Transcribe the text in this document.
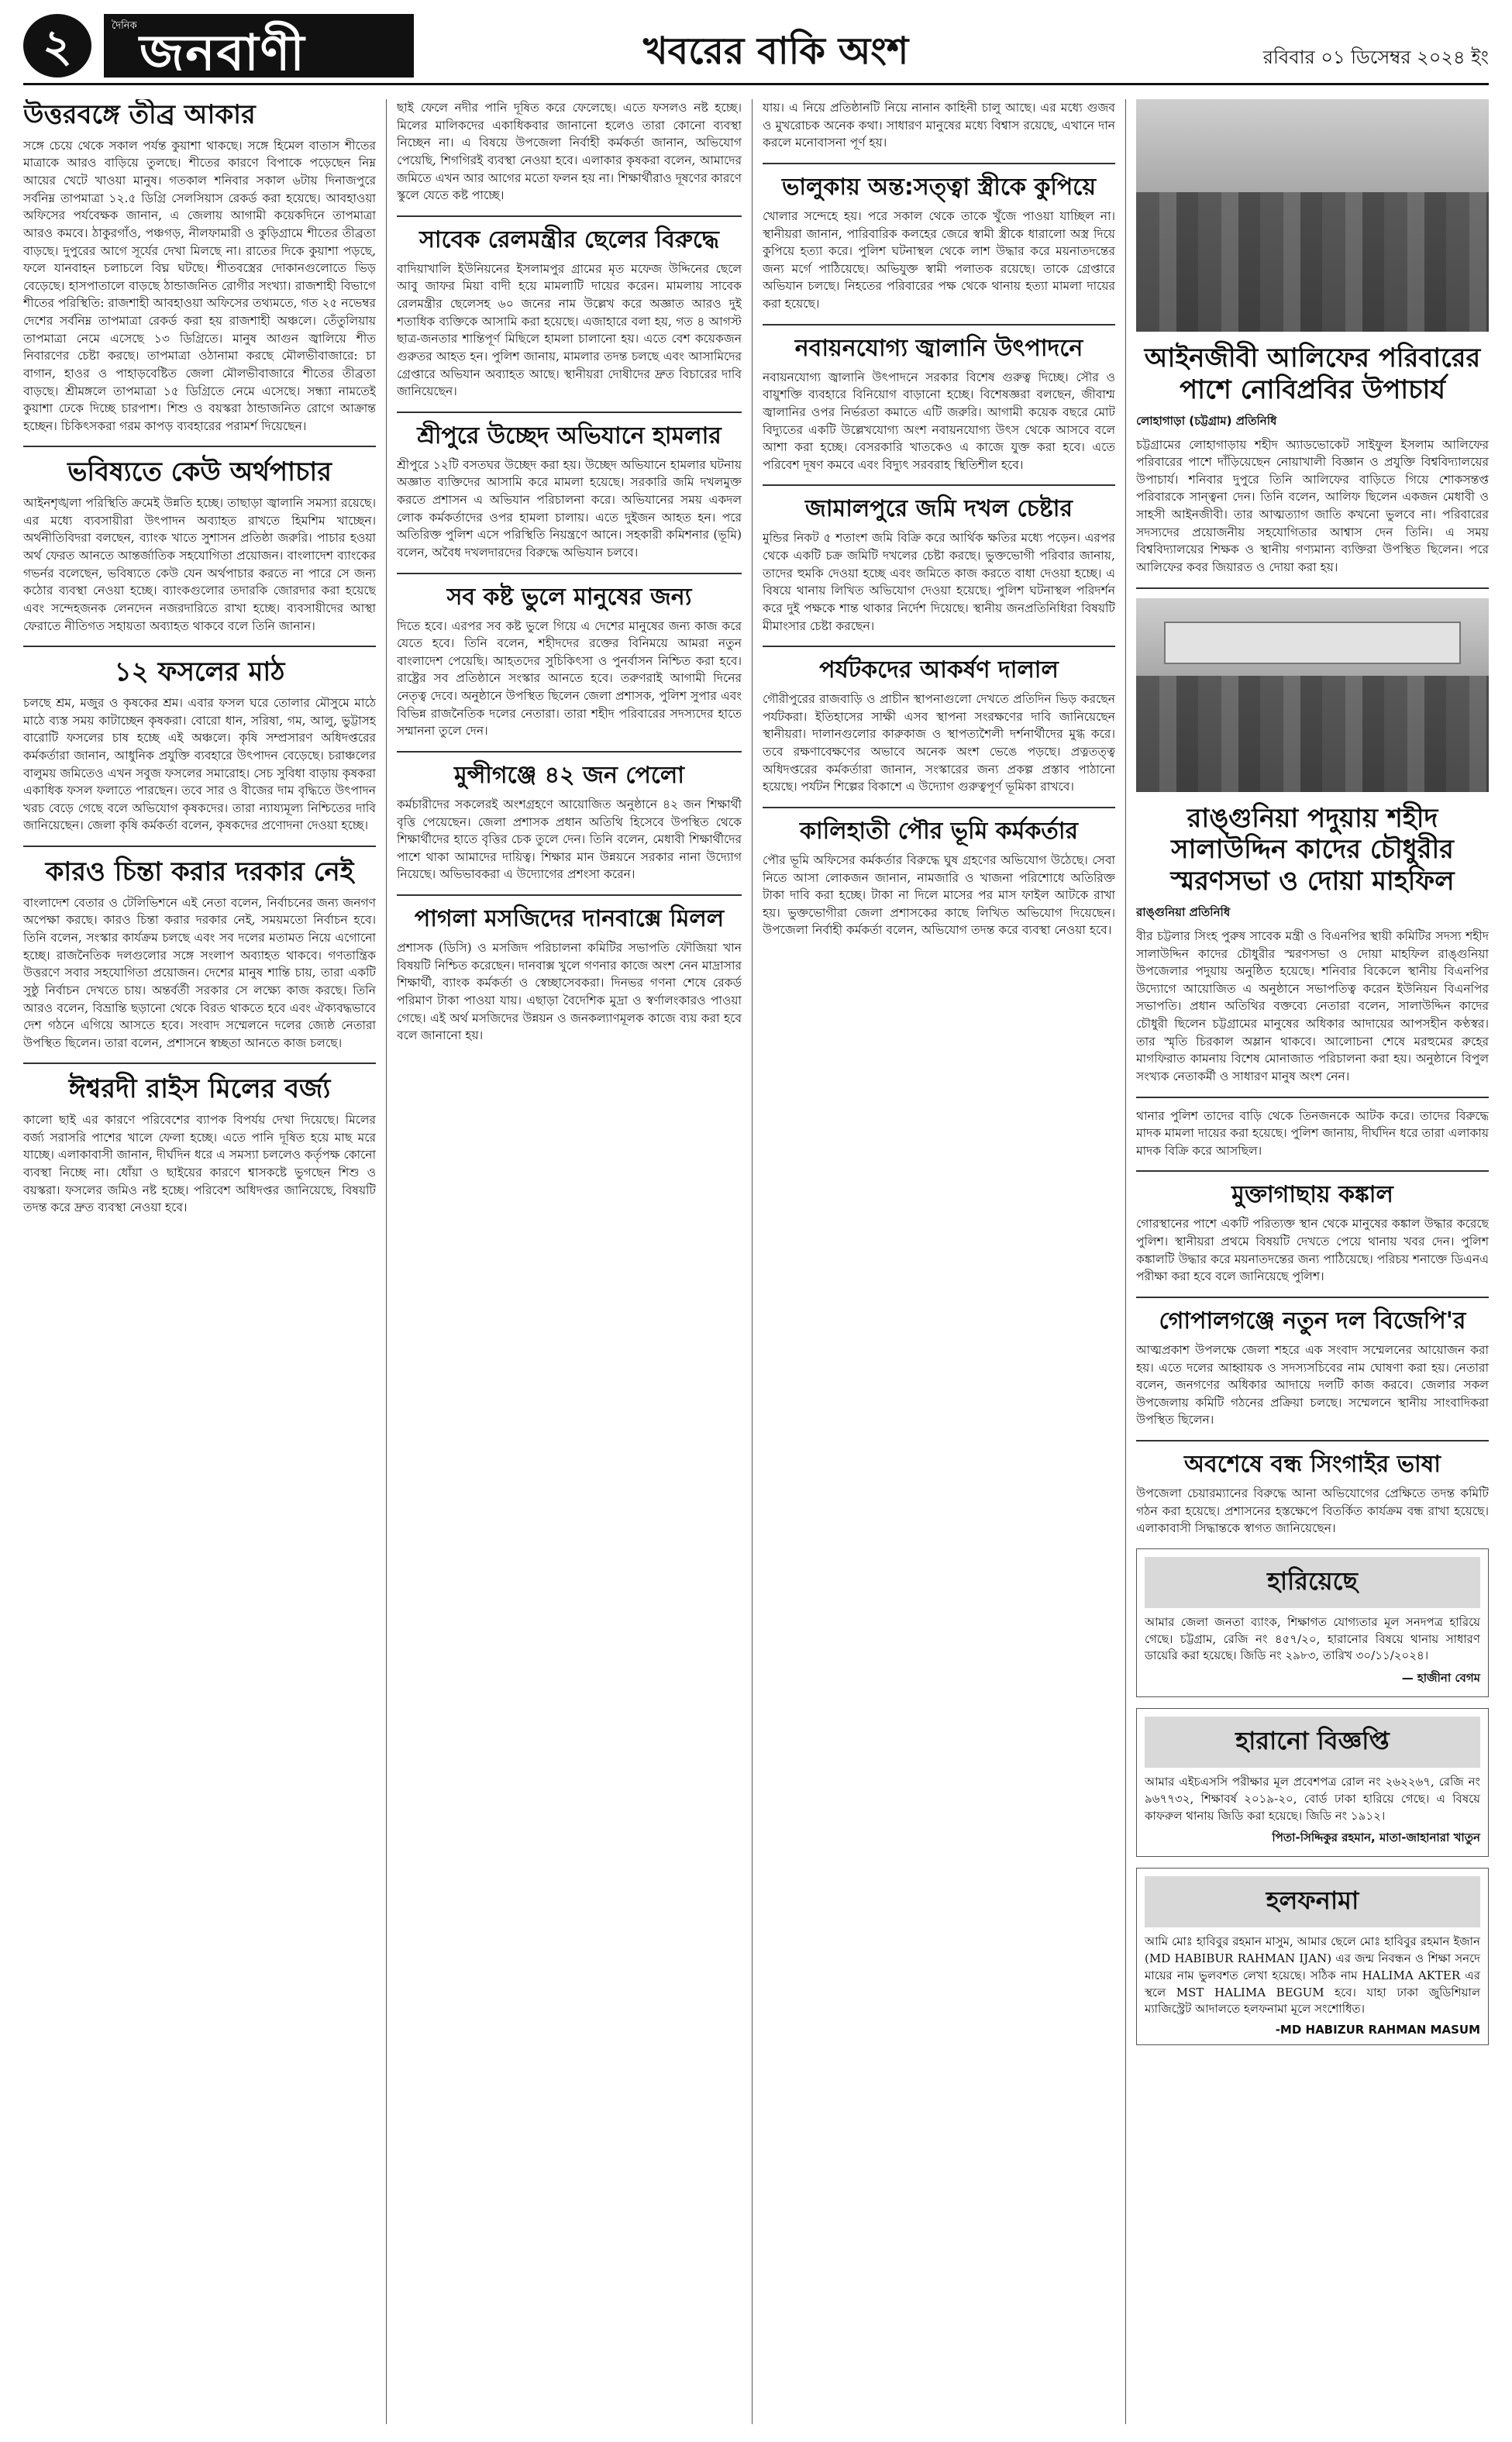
২	দৈনিক জনবাণী	খবরের বাকি অংশ	রবিবার ০১ ডিসেম্বর ২০২৪ ইং
উত্তরবঙ্গে তীব্র আকার

সঙ্গে চেয়ে থেকে সকাল পর্যন্ত কুয়াশা থাকছে। সঙ্গে হিমেল বাতাস শীতের মাত্রাকে আরও বাড়িয়ে তুলছে। শীতের কারণে বিপাকে পড়েছেন নিম্ন আয়ের খেটে খাওয়া মানুষ। গতকাল শনিবার সকাল ৬টায় দিনাজপুরে সর্বনিম্ন তাপমাত্রা ১২.৫ ডিগ্রি সেলসিয়াস রেকর্ড করা হয়েছে। আবহাওয়া অফিসের পর্যবেক্ষক জানান, এ জেলায় আগামী কয়েকদিনে তাপমাত্রা আরও কমবে। ঠাকুরগাঁও, পঞ্চগড়, নীলফামারী ও কুড়িগ্রামে শীতের তীব্রতা বাড়ছে। দুপুরের আগে সূর্যের দেখা মিলছে না। রাতের দিকে কুয়াশা পড়ছে, ফলে যানবাহন চলাচলে বিঘ্ন ঘটছে। শীতবস্ত্রের দোকানগুলোতে ভিড় বেড়েছে। হাসপাতালে বাড়ছে ঠান্ডাজনিত রোগীর সংখ্যা। রাজশাহী বিভাগে শীতের পরিস্থিতি: রাজশাহী আবহাওয়া অফিসের তথ্যমতে, গত ২৫ নভেম্বর দেশের সর্বনিম্ন তাপমাত্রা রেকর্ড করা হয় রাজশাহী অঞ্চলে। তেঁতুলিয়ায় তাপমাত্রা নেমে এসেছে ১৩ ডিগ্রিতে। মানুষ আগুন জ্বালিয়ে শীত নিবারণের চেষ্টা করছে। তাপমাত্রা ওঠানামা করছে মৌলভীবাজারে: চা বাগান, হাওর ও পাহাড়বেষ্টিত জেলা মৌলভীবাজারে শীতের তীব্রতা বাড়ছে। শ্রীমঙ্গলে তাপমাত্রা ১৫ ডিগ্রিতে নেমে এসেছে। সন্ধ্যা নামতেই কুয়াশা ঢেকে দিচ্ছে চারপাশ। শিশু ও বয়স্করা ঠান্ডাজনিত রোগে আক্রান্ত হচ্ছেন। চিকিৎসকরা গরম কাপড় ব্যবহারের পরামর্শ দিয়েছেন।

ভবিষ্যতে কেউ অর্থপাচার

আইনশৃঙ্খলা পরিস্থিতি ক্রমেই উন্নতি হচ্ছে। তাছাড়া জ্বালানি সমস্যা রয়েছে। এর মধ্যে ব্যবসায়ীরা উৎপাদন অব্যাহত রাখতে হিমশিম খাচ্ছেন। অর্থনীতিবিদরা বলছেন, ব্যাংক খাতে সুশাসন প্রতিষ্ঠা জরুরি। পাচার হওয়া অর্থ ফেরত আনতে আন্তর্জাতিক সহযোগিতা প্রয়োজন। বাংলাদেশ ব্যাংকের গভর্নর বলেছেন, ভবিষ্যতে কেউ যেন অর্থপাচার করতে না পারে সে জন্য কঠোর ব্যবস্থা নেওয়া হচ্ছে। ব্যাংকগুলোর তদারকি জোরদার করা হয়েছে এবং সন্দেহজনক লেনদেন নজরদারিতে রাখা হচ্ছে। ব্যবসায়ীদের আস্থা ফেরাতে নীতিগত সহায়তা অব্যাহত থাকবে বলে তিনি জানান।

১২ ফসলের মাঠ

চলছে শ্রম, মজুর ও কৃষকের শ্রম। এবার ফসল ঘরে তোলার মৌসুমে মাঠে মাঠে ব্যস্ত সময় কাটাচ্ছেন কৃষকরা। বোরো ধান, সরিষা, গম, আলু, ভুট্টাসহ বারোটি ফসলের চাষ হচ্ছে এই অঞ্চলে। কৃষি সম্প্রসারণ অধিদপ্তরের কর্মকর্তারা জানান, আধুনিক প্রযুক্তি ব্যবহারে উৎপাদন বেড়েছে। চরাঞ্চলের বালুময় জমিতেও এখন সবুজ ফসলের সমারোহ। সেচ সুবিধা বাড়ায় কৃষকরা একাধিক ফসল ফলাতে পারছেন। তবে সার ও বীজের দাম বৃদ্ধিতে উৎপাদন খরচ বেড়ে গেছে বলে অভিযোগ কৃষকদের। তারা ন্যায্যমূল্য নিশ্চিতের দাবি জানিয়েছেন। জেলা কৃষি কর্মকর্তা বলেন, কৃষকদের প্রণোদনা দেওয়া হচ্ছে।

কারও চিন্তা করার দরকার নেই

বাংলাদেশ বেতার ও টেলিভিশনে এই নেতা বলেন, নির্বাচনের জন্য জনগণ অপেক্ষা করছে। কারও চিন্তা করার দরকার নেই, সময়মতো নির্বাচন হবে। তিনি বলেন, সংস্কার কার্যক্রম চলছে এবং সব দলের মতামত নিয়ে এগোনো হচ্ছে। রাজনৈতিক দলগুলোর সঙ্গে সংলাপ অব্যাহত থাকবে। গণতান্ত্রিক উত্তরণে সবার সহযোগিতা প্রয়োজন। দেশের মানুষ শান্তি চায়, তারা একটি সুষ্ঠু নির্বাচন দেখতে চায়। অন্তর্বর্তী সরকার সে লক্ষ্যে কাজ করছে। তিনি আরও বলেন, বিভ্রান্তি ছড়ানো থেকে বিরত থাকতে হবে এবং ঐক্যবদ্ধভাবে দেশ গঠনে এগিয়ে আসতে হবে। সংবাদ সম্মেলনে দলের জ্যেষ্ঠ নেতারা উপস্থিত ছিলেন। তারা বলেন, প্রশাসনে স্বচ্ছতা আনতে কাজ চলছে।

ঈশ্বরদী রাইস মিলের বর্জ্য

কালো ছাই এর কারণে পরিবেশের ব্যাপক বিপর্যয় দেখা দিয়েছে। মিলের বর্জ্য সরাসরি পাশের খালে ফেলা হচ্ছে। এতে পানি দূষিত হয়ে মাছ মরে যাচ্ছে। এলাকাবাসী জানান, দীর্ঘদিন ধরে এ সমস্যা চললেও কর্তৃপক্ষ কোনো ব্যবস্থা নিচ্ছে না। ধোঁয়া ও ছাইয়ের কারণে শ্বাসকষ্টে ভুগছেন শিশু ও বয়স্করা। ফসলের জমিও নষ্ট হচ্ছে। পরিবেশ অধিদপ্তর জানিয়েছে, বিষয়টি তদন্ত করে দ্রুত ব্যবস্থা নেওয়া হবে।

ছাই ফেলে নদীর পানি দূষিত করে ফেলেছে। এতে ফসলও নষ্ট হচ্ছে। মিলের মালিকদের একাধিকবার জানানো হলেও তারা কোনো ব্যবস্থা নিচ্ছেন না। এ বিষয়ে উপজেলা নির্বাহী কর্মকর্তা জানান, অভিযোগ পেয়েছি, শিগগিরই ব্যবস্থা নেওয়া হবে। এলাকার কৃষকরা বলেন, আমাদের জমিতে এখন আর আগের মতো ফলন হয় না। শিক্ষার্থীরাও দূষণের কারণে স্কুলে যেতে কষ্ট পাচ্ছে।

সাবেক রেলমন্ত্রীর ছেলের বিরুদ্ধে

বাদিয়াখালি ইউনিয়নের ইসলামপুর গ্রামের মৃত মফেজ উদ্দিনের ছেলে আবু জাফর মিয়া বাদী হয়ে মামলাটি দায়ের করেন। মামলায় সাবেক রেলমন্ত্রীর ছেলেসহ ৬০ জনের নাম উল্লেখ করে অজ্ঞাত আরও দুই শতাধিক ব্যক্তিকে আসামি করা হয়েছে। এজাহারে বলা হয়, গত ৪ আগস্ট ছাত্র-জনতার শান্তিপূর্ণ মিছিলে হামলা চালানো হয়। এতে বেশ কয়েকজন গুরুতর আহত হন। পুলিশ জানায়, মামলার তদন্ত চলছে এবং আসামিদের গ্রেপ্তারে অভিযান অব্যাহত আছে। স্থানীয়রা দোষীদের দ্রুত বিচারের দাবি জানিয়েছেন।

শ্রীপুরে উচ্ছেদ অভিযানে হামলার

শ্রীপুরে ১২টি বসতঘর উচ্ছেদ করা হয়। উচ্ছেদ অভিযানে হামলার ঘটনায় অজ্ঞাত ব্যক্তিদের আসামি করে মামলা হয়েছে। সরকারি জমি দখলমুক্ত করতে প্রশাসন এ অভিযান পরিচালনা করে। অভিযানের সময় একদল লোক কর্মকর্তাদের ওপর হামলা চালায়। এতে দুইজন আহত হন। পরে অতিরিক্ত পুলিশ এসে পরিস্থিতি নিয়ন্ত্রণে আনে। সহকারী কমিশনার (ভূমি) বলেন, অবৈধ দখলদারদের বিরুদ্ধে অভিযান চলবে।

সব কষ্ট ভুলে মানুষের জন্য

দিতে হবে। এরপর সব কষ্ট ভুলে গিয়ে এ দেশের মানুষের জন্য কাজ করে যেতে হবে। তিনি বলেন, শহীদদের রক্তের বিনিময়ে আমরা নতুন বাংলাদেশ পেয়েছি। আহতদের সুচিকিৎসা ও পুনর্বাসন নিশ্চিত করা হবে। রাষ্ট্রের সব প্রতিষ্ঠানে সংস্কার আনতে হবে। তরুণরাই আগামী দিনের নেতৃত্ব দেবে। অনুষ্ঠানে উপস্থিত ছিলেন জেলা প্রশাসক, পুলিশ সুপার এবং বিভিন্ন রাজনৈতিক দলের নেতারা। তারা শহীদ পরিবারের সদস্যদের হাতে সম্মাননা তুলে দেন।

মুন্সীগঞ্জে ৪২ জন পেলো

কর্মচারীদের সকলেরই অংশগ্রহণে আয়োজিত অনুষ্ঠানে ৪২ জন শিক্ষার্থী বৃত্তি পেয়েছেন। জেলা প্রশাসক প্রধান অতিথি হিসেবে উপস্থিত থেকে শিক্ষার্থীদের হাতে বৃত্তির চেক তুলে দেন। তিনি বলেন, মেধাবী শিক্ষার্থীদের পাশে থাকা আমাদের দায়িত্ব। শিক্ষার মান উন্নয়নে সরকার নানা উদ্যোগ নিয়েছে। অভিভাবকরা এ উদ্যোগের প্রশংসা করেন।

পাগলা মসজিদের দানবাক্সে মিলল

প্রশাসক (ডিসি) ও মসজিদ পরিচালনা কমিটির সভাপতি ফৌজিয়া খান বিষয়টি নিশ্চিত করেছেন। দানবাক্স খুলে গণনার কাজে অংশ নেন মাদ্রাসার শিক্ষার্থী, ব্যাংক কর্মকর্তা ও স্বেচ্ছাসেবকরা। দিনভর গণনা শেষে রেকর্ড পরিমাণ টাকা পাওয়া যায়। এছাড়া বৈদেশিক মুদ্রা ও স্বর্ণালংকারও পাওয়া গেছে। এই অর্থ মসজিদের উন্নয়ন ও জনকল্যাণমূলক কাজে ব্যয় করা হবে বলে জানানো হয়।

যায়। এ নিয়ে প্রতিষ্ঠানটি নিয়ে নানান কাহিনী চালু আছে। এর মধ্যে গুজব ও মুখরোচক অনেক কথা। সাধারণ মানুষের মধ্যে বিশ্বাস রয়েছে, এখানে দান করলে মনোবাসনা পূর্ণ হয়।

ভালুকায় অন্ত:সত্ত্বা স্ত্রীকে কুপিয়ে

খোলার সন্দেহে হয়। পরে সকাল থেকে তাকে খুঁজে পাওয়া যাচ্ছিল না। স্থানীয়রা জানান, পারিবারিক কলহের জেরে স্বামী স্ত্রীকে ধারালো অস্ত্র দিয়ে কুপিয়ে হত্যা করে। পুলিশ ঘটনাস্থল থেকে লাশ উদ্ধার করে ময়নাতদন্তের জন্য মর্গে পাঠিয়েছে। অভিযুক্ত স্বামী পলাতক রয়েছে। তাকে গ্রেপ্তারে অভিযান চলছে। নিহতের পরিবারের পক্ষ থেকে থানায় হত্যা মামলা দায়ের করা হয়েছে।

নবায়নযোগ্য জ্বালানি উৎপাদনে

নবায়নযোগ্য জ্বালানি উৎপাদনে সরকার বিশেষ গুরুত্ব দিচ্ছে। সৌর ও বায়ুশক্তি ব্যবহারে বিনিয়োগ বাড়ানো হচ্ছে। বিশেষজ্ঞরা বলছেন, জীবাশ্ম জ্বালানির ওপর নির্ভরতা কমাতে এটি জরুরি। আগামী কয়েক বছরে মোট বিদ্যুতের একটি উল্লেখযোগ্য অংশ নবায়নযোগ্য উৎস থেকে আসবে বলে আশা করা হচ্ছে। বেসরকারি খাতকেও এ কাজে যুক্ত করা হবে। এতে পরিবেশ দূষণ কমবে এবং বিদ্যুৎ সরবরাহ স্থিতিশীল হবে।

জামালপুরে জমি দখল চেষ্টার

মুন্ডির নিকট ৫ শতাংশ জমি বিক্রি করে আর্থিক ক্ষতির মধ্যে পড়েন। এরপর থেকে একটি চক্র জমিটি দখলের চেষ্টা করছে। ভুক্তভোগী পরিবার জানায়, তাদের হুমকি দেওয়া হচ্ছে এবং জমিতে কাজ করতে বাধা দেওয়া হচ্ছে। এ বিষয়ে থানায় লিখিত অভিযোগ দেওয়া হয়েছে। পুলিশ ঘটনাস্থল পরিদর্শন করে দুই পক্ষকে শান্ত থাকার নির্দেশ দিয়েছে। স্থানীয় জনপ্রতিনিধিরা বিষয়টি মীমাংসার চেষ্টা করছেন।

পর্যটকদের আকর্ষণ দালাল

গৌরীপুরের রাজবাড়ি ও প্রাচীন স্থাপনাগুলো দেখতে প্রতিদিন ভিড় করছেন পর্যটকরা। ইতিহাসের সাক্ষী এসব স্থাপনা সংরক্ষণের দাবি জানিয়েছেন স্থানীয়রা। দালানগুলোর কারুকাজ ও স্থাপত্যশৈলী দর্শনার্থীদের মুগ্ধ করে। তবে রক্ষণাবেক্ষণের অভাবে অনেক অংশ ভেঙে পড়ছে। প্রত্নতত্ত্ব অধিদপ্তরের কর্মকর্তারা জানান, সংস্কারের জন্য প্রকল্প প্রস্তাব পাঠানো হয়েছে। পর্যটন শিল্পের বিকাশে এ উদ্যোগ গুরুত্বপূর্ণ ভূমিকা রাখবে।

কালিহাতী পৌর ভূমি কর্মকর্তার

পৌর ভূমি অফিসের কর্মকর্তার বিরুদ্ধে ঘুষ গ্রহণের অভিযোগ উঠেছে। সেবা নিতে আসা লোকজন জানান, নামজারি ও খাজনা পরিশোধে অতিরিক্ত টাকা দাবি করা হচ্ছে। টাকা না দিলে মাসের পর মাস ফাইল আটকে রাখা হয়। ভুক্তভোগীরা জেলা প্রশাসকের কাছে লিখিত অভিযোগ দিয়েছেন। উপজেলা নির্বাহী কর্মকর্তা বলেন, অভিযোগ তদন্ত করে ব্যবস্থা নেওয়া হবে।

আইনজীবী আলিফের পরিবারের পাশে নোবিপ্রবির উপাচার্য
লোহাগাড়া (চট্টগ্রাম) প্রতিনিধি

চট্টগ্রামের লোহাগাড়ায় শহীদ অ্যাডভোকেট সাইফুল ইসলাম আলিফের পরিবারের পাশে দাঁড়িয়েছেন নোয়াখালী বিজ্ঞান ও প্রযুক্তি বিশ্ববিদ্যালয়ের উপাচার্য। শনিবার দুপুরে তিনি আলিফের বাড়িতে গিয়ে শোকসন্তপ্ত পরিবারকে সান্ত্বনা দেন। তিনি বলেন, আলিফ ছিলেন একজন মেধাবী ও সাহসী আইনজীবী। তার আত্মত্যাগ জাতি কখনো ভুলবে না। পরিবারের সদস্যদের প্রয়োজনীয় সহযোগিতার আশ্বাস দেন তিনি। এ সময় বিশ্ববিদ্যালয়ের শিক্ষক ও স্থানীয় গণ্যমান্য ব্যক্তিরা উপস্থিত ছিলেন। পরে আলিফের কবর জিয়ারত ও দোয়া করা হয়।

রাঙ্গুনিয়া পদুয়ায় শহীদ সালাউদ্দিন কাদের চৌধুরীর স্মরণসভা ও দোয়া মাহফিল
রাঙ্গুনিয়া প্রতিনিধি

বীর চট্টলার সিংহ পুরুষ সাবেক মন্ত্রী ও বিএনপির স্থায়ী কমিটির সদস্য শহীদ সালাউদ্দিন কাদের চৌধুরীর স্মরণসভা ও দোয়া মাহফিল রাঙ্গুনিয়া উপজেলার পদুয়ায় অনুষ্ঠিত হয়েছে। শনিবার বিকেলে স্থানীয় বিএনপির উদ্যোগে আয়োজিত এ অনুষ্ঠানে সভাপতিত্ব করেন ইউনিয়ন বিএনপির সভাপতি। প্রধান অতিথির বক্তব্যে নেতারা বলেন, সালাউদ্দিন কাদের চৌধুরী ছিলেন চট্টগ্রামের মানুষের অধিকার আদায়ের আপসহীন কণ্ঠস্বর। তার স্মৃতি চিরকাল অম্লান থাকবে। আলোচনা শেষে মরহুমের রুহের মাগফিরাত কামনায় বিশেষ মোনাজাত পরিচালনা করা হয়। অনুষ্ঠানে বিপুল সংখ্যক নেতাকর্মী ও সাধারণ মানুষ অংশ নেন।

থানার পুলিশ তাদের বাড়ি থেকে তিনজনকে আটক করে। তাদের বিরুদ্ধে মাদক মামলা দায়ের করা হয়েছে। পুলিশ জানায়, দীর্ঘদিন ধরে তারা এলাকায় মাদক বিক্রি করে আসছিল।

মুক্তাগাছায় কঙ্কাল

গোরস্থানের পাশে একটি পরিত্যক্ত স্থান থেকে মানুষের কঙ্কাল উদ্ধার করেছে পুলিশ। স্থানীয়রা প্রথমে বিষয়টি দেখতে পেয়ে থানায় খবর দেন। পুলিশ কঙ্কালটি উদ্ধার করে ময়নাতদন্তের জন্য পাঠিয়েছে। পরিচয় শনাক্তে ডিএনএ পরীক্ষা করা হবে বলে জানিয়েছে পুলিশ।

গোপালগঞ্জে নতুন দল বিজেপি'র

আত্মপ্রকাশ উপলক্ষে জেলা শহরে এক সংবাদ সম্মেলনের আয়োজন করা হয়। এতে দলের আহ্বায়ক ও সদস্যসচিবের নাম ঘোষণা করা হয়। নেতারা বলেন, জনগণের অধিকার আদায়ে দলটি কাজ করবে। জেলার সকল উপজেলায় কমিটি গঠনের প্রক্রিয়া চলছে। সম্মেলনে স্থানীয় সাংবাদিকরা উপস্থিত ছিলেন।

অবশেষে বন্ধ সিংগাইর ভাষা

উপজেলা চেয়ারম্যানের বিরুদ্ধে আনা অভিযোগের প্রেক্ষিতে তদন্ত কমিটি গঠন করা হয়েছে। প্রশাসনের হস্তক্ষেপে বিতর্কিত কার্যক্রম বন্ধ রাখা হয়েছে। এলাকাবাসী সিদ্ধান্তকে স্বাগত জানিয়েছেন।

হারিয়েছে

আমার জেলা জনতা ব্যাংক, শিক্ষাগত যোগ্যতার মূল সনদপত্র হারিয়ে গেছে। চট্টগ্রাম, রেজি নং ৪৫৭/২০, হারানোর বিষয়ে থানায় সাধারণ ডায়েরি করা হয়েছে। জিডি নং ২৯৮৩, তারিখ ৩০/১১/২০২৪।

— হাজীনা বেগম
হারানো বিজ্ঞপ্তি

আমার এইচএসসি পরীক্ষার মূল প্রবেশপত্র রোল নং ২৬২২৬৭, রেজি নং ৯৬৭৭৩২, শিক্ষাবর্ষ ২০১৯-২০, বোর্ড ঢাকা হারিয়ে গেছে। এ বিষয়ে কাফরুল থানায় জিডি করা হয়েছে। জিডি নং ১৯১২।

পিতা-সিদ্দিকুর রহমান, মাতা-জাহানারা খাতুন
হলফনামা

আমি মোঃ হাবিবুর রহমান মাসুম, আমার ছেলে মোঃ হাবিবুর রহমান ইজান (MD HABIBUR RAHMAN IJAN) এর জন্ম নিবন্ধন ও শিক্ষা সনদে মায়ের নাম ভুলবশত লেখা হয়েছে। সঠিক নাম HALIMA AKTER এর স্থলে MST HALIMA BEGUM হবে। যাহা ঢাকা জুডিশিয়াল ম্যাজিস্ট্রেট আদালতে হলফনামা মূলে সংশোধিত।

-MD HABIZUR RAHMAN MASUM
